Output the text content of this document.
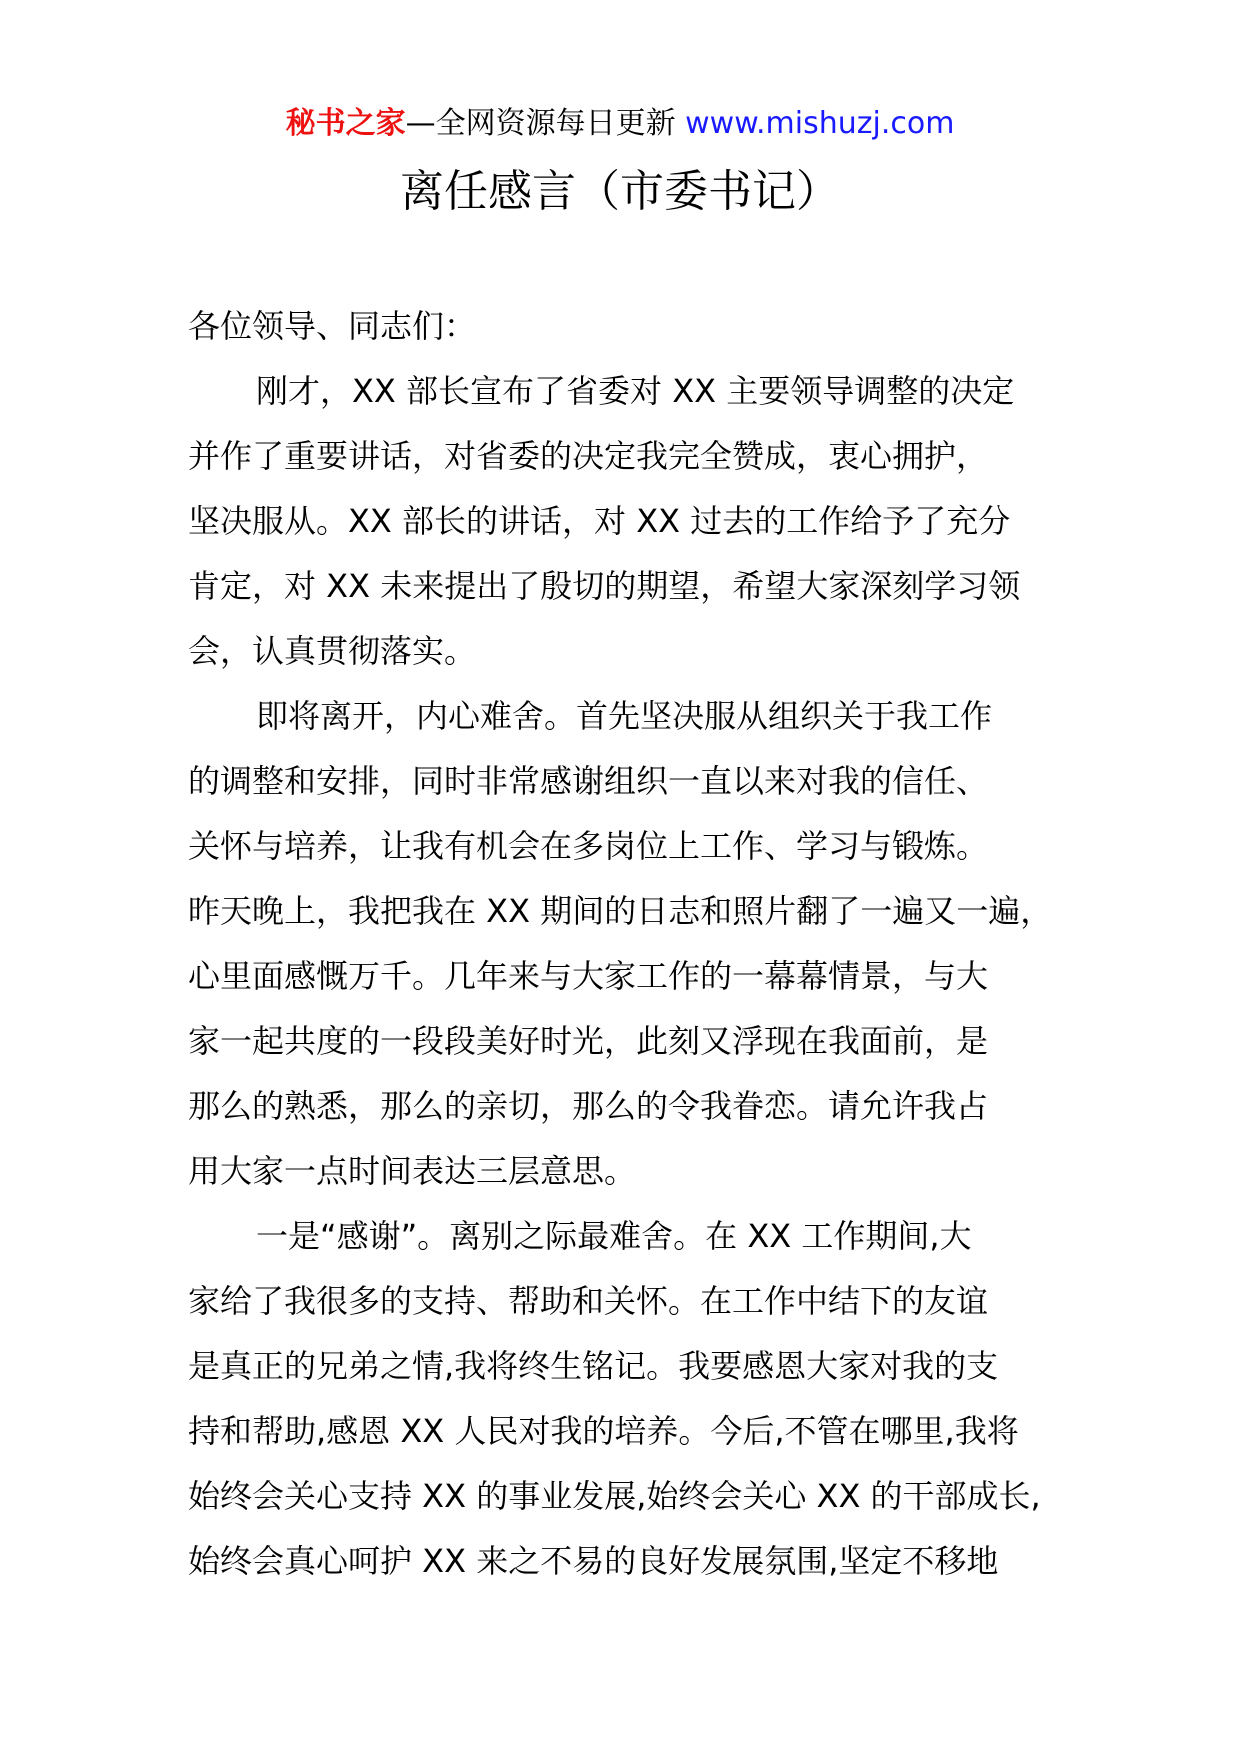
秘书之家—全网资源每日更新 www.mishuzj.com
离任感言（市委书记）
各位领导、同志们：
刚才，XX 部长宣布了省委对 XX 主要领导调整的决定
并作了重要讲话，对省委的决定我完全赞成，衷心拥护，
坚决服从。XX 部长的讲话，对 XX 过去的工作给予了充分
肯定，对 XX 未来提出了殷切的期望，希望大家深刻学习领
会，认真贯彻落实。
即将离开，内心难舍。首先坚决服从组织关于我工作
的调整和安排，同时非常感谢组织一直以来对我的信任、
关怀与培养，让我有机会在多岗位上工作、学习与锻炼。
昨天晚上，我把我在 XX 期间的日志和照片翻了一遍又一遍，
心里面感慨万千。几年来与大家工作的一幕幕情景，与大
家一起共度的一段段美好时光，此刻又浮现在我面前，是
那么的熟悉，那么的亲切，那么的令我眷恋。请允许我占
用大家一点时间表达三层意思。
一是“感谢”。离别之际最难舍。在 XX 工作期间,大
家给了我很多的支持、帮助和关怀。在工作中结下的友谊
是真正的兄弟之情,我将终生铭记。我要感恩大家对我的支
持和帮助,感恩 XX 人民对我的培养。今后,不管在哪里,我将
始终会关心支持 XX 的事业发展,始终会关心 XX 的干部成长,
始终会真心呵护 XX 来之不易的良好发展氛围,坚定不移地
